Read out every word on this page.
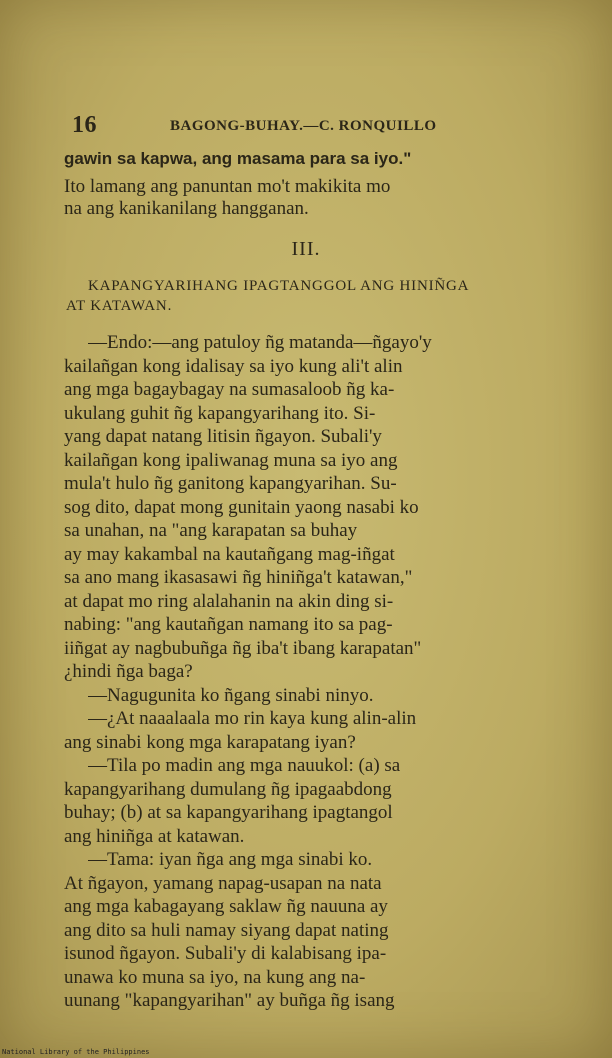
16	BAGONG-BUHAY.—C. RONQUILLO
gawin sa kapwa, ang masama para sa iyo."
Ito lamang ang panuntan mo't makikita mo
na ang kanikanilang hangganan.
III.
KAPANGYARIHANG IPAGTANGGOL ANG HINIÑGA
AT KATAWAN.
—Endo:—ang patuloy ñg matanda—ñgayo'y
kailañgan kong idalisay sa iyo kung ali't alin
ang mga bagaybagay na sumasaloob ñg ka-
ukulang guhit ñg kapangyarihang ito. Si-
yang dapat natang litisin ñgayon. Subali'y
kailañgan kong ipaliwanag muna sa iyo ang
mula't hulo ñg ganitong kapangyarihan. Su-
sog dito, dapat mong gunitain yaong nasabi ko
sa unahan, na "ang karapatan sa buhay
ay may kakambal na kautañgang mag-iñgat
sa ano mang ikasasawi ñg hiniñga't katawan,"
at dapat mo ring alalahanin na akin ding si-
nabing: "ang kautañgan namang ito sa pag-
iiñgat ay nagbubuñga ñg iba't ibang karapatan"
¿hindi ñga baga?
—Nagugunita ko ñgang sinabi ninyo.
—¿At naaalaala mo rin kaya kung alin-alin
ang sinabi kong mga karapatang iyan?
—Tila po madin ang mga nauukol: (a) sa
kapangyarihang dumulang ñg ipagaabdong
buhay; (b) at sa kapangyarihang ipagtangol
ang hiniñga at katawan.
—Tama: iyan ñga ang mga sinabi ko.
At ñgayon, yamang napag-usapan na nata
ang mga kabagayang saklaw ñg nauuna ay
ang dito sa huli namay siyang dapat nating
isunod ñgayon. Subali'y di kalabisang ipa-
unawa ko muna sa iyo, na kung ang na-
uunang "kapangyarihan" ay buñga ñg isang
National Library of the Philippines
